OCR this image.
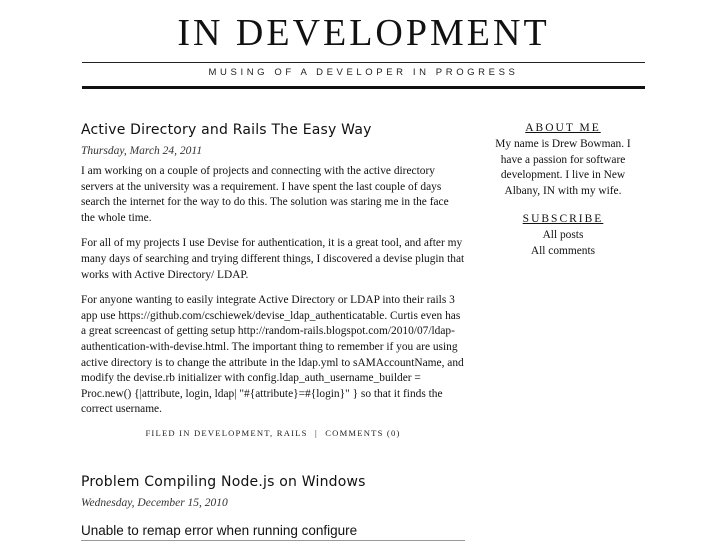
IN DEVELOPMENT
MUSING OF A DEVELOPER IN PROGRESS
Active Directory and Rails The Easy Way
Thursday, March 24, 2011

I am working on a couple of projects and connecting with the active directory servers at the university was a requirement. I have spent the last couple of days search the internet for the way to do this. The solution was staring me in the face the whole time.

For all of my projects I use Devise for authentication, it is a great tool, and after my many days of searching and trying different things, I discovered a devise plugin that works with Active Directory/ LDAP.

For anyone wanting to easily integrate Active Directory or LDAP into their rails 3 app use https://github.com/cschiewek/devise_ldap_authenticatable. Curtis even has a great screencast of getting setup http://random-rails.blogspot.com/2010/07/ldap-authentication-with-devise.html. The important thing to remember if you are using active directory is to change the attribute in the ldap.yml to sAMAccountName, and modify the devise.rb initializer with config.ldap_auth_username_builder = Proc.new() {|attribute, login, ldap| "#{attribute}=#{login}" } so that it finds the correct username.

FILED IN DEVELOPMENT, RAILS | COMMENTS (0)
Problem Compiling Node.js on Windows
Wednesday, December 15, 2010
Unable to remap error when running configure
ABOUT ME

My name is Drew Bowman. I have a passion for software development. I live in New Albany, IN with my wife.

SUBSCRIBE
All posts
All comments
